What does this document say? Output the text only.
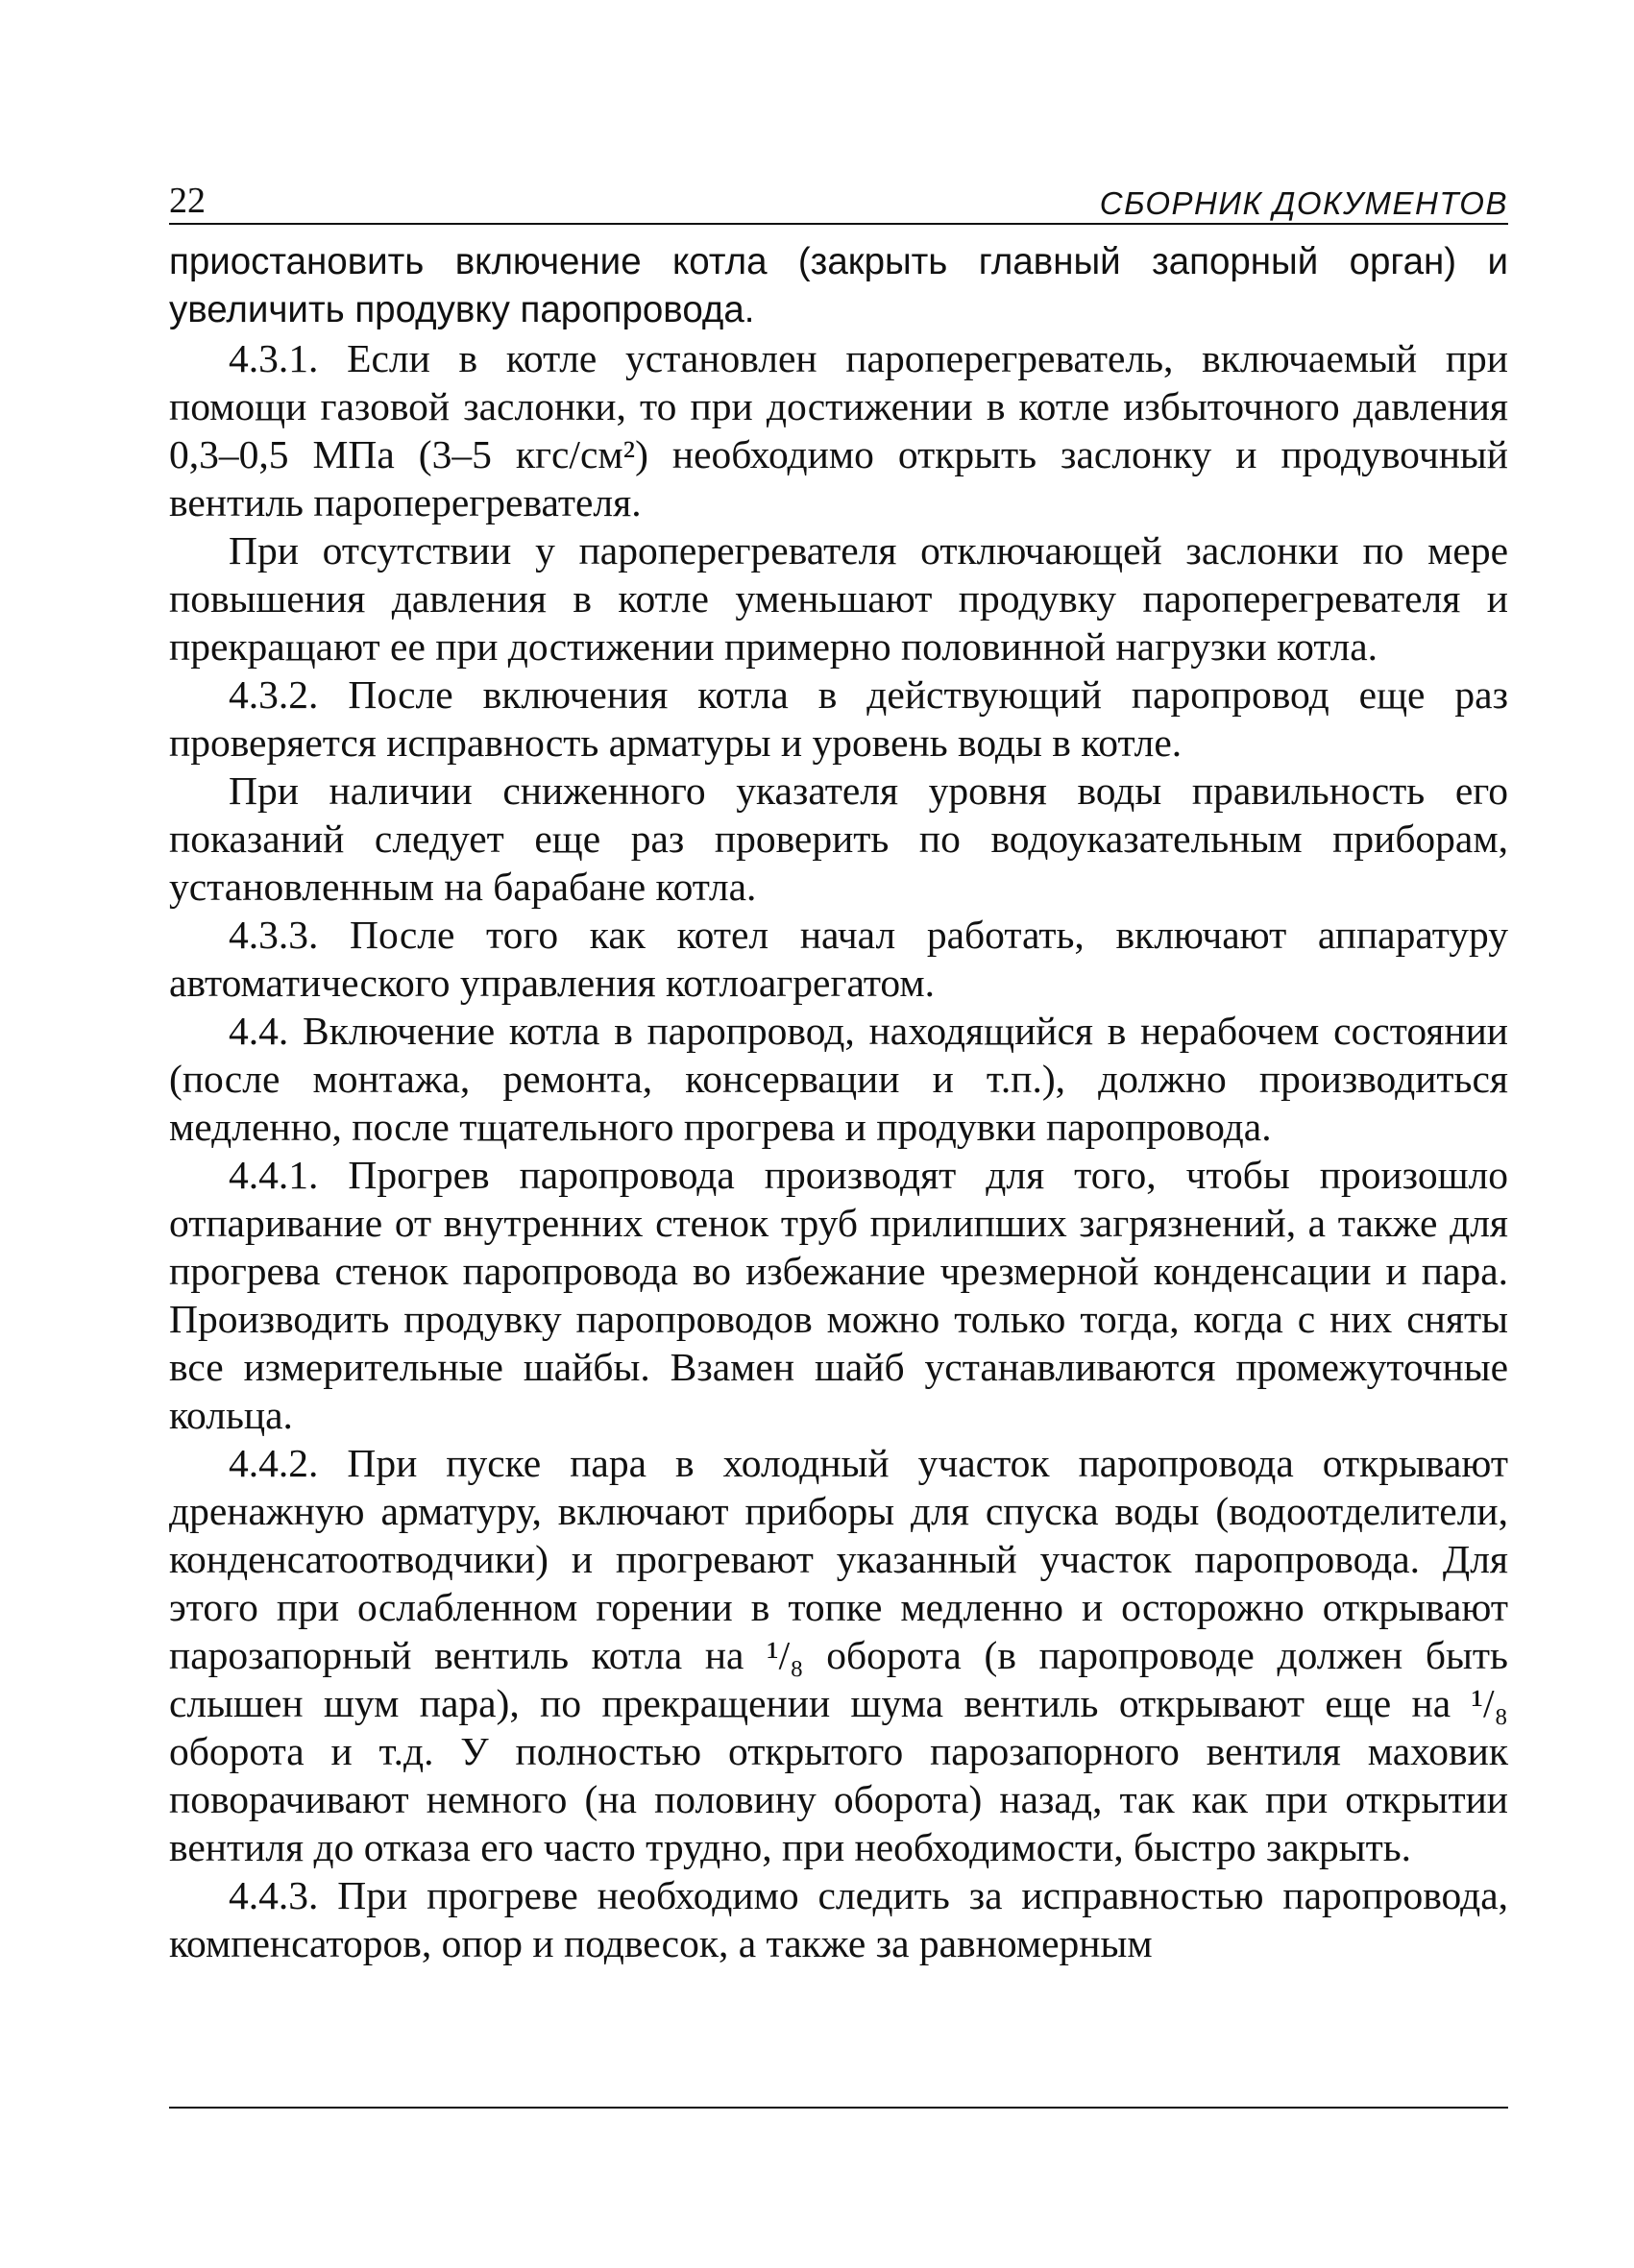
22	СБОРНИК ДОКУМЕНТОВ

приостановить включение котла (закрыть главный запорный орган) и увеличить продувку паропровода.

4.3.1. Если в котле установлен пароперегреватель, включаемый при помощи газовой заслонки, то при достижении в котле избыточного давления 0,3–0,5 МПа (3–5 кгс/см²) необходимо открыть заслонку и продувочный вентиль пароперегревателя.

При отсутствии у пароперегревателя отключающей заслонки по мере повышения давления в котле уменьшают продувку пароперегревателя и прекращают ее при достижении примерно половинной нагрузки котла.

4.3.2. После включения котла в действующий паропровод еще раз проверяется исправность арматуры и уровень воды в котле.

При наличии сниженного указателя уровня воды правильность его показаний следует еще раз проверить по водоуказательным приборам, установленным на барабане котла.

4.3.3. После того как котел начал работать, включают аппаратуру автоматического управления котлоагрегатом.

4.4. Включение котла в паропровод, находящийся в нерабочем состоянии (после монтажа, ремонта, консервации и т.п.), должно производиться медленно, после тщательного прогрева и продувки паропровода.

4.4.1. Прогрев паропровода производят для того, чтобы произошло отпаривание от внутренних стенок труб прилипших загрязнений, а также для прогрева стенок паропровода во избежание чрезмерной конденсации и пара. Производить продувку паропроводов можно только тогда, когда с них сняты все измерительные шайбы. Взамен шайб устанавливаются промежуточные кольца.

4.4.2. При пуске пара в холодный участок паропровода открывают дренажную арматуру, включают приборы для спуска воды (водоотделители, конденсатоотводчики) и прогревают указанный участок паропровода. Для этого при ослабленном горении в топке медленно и осторожно открывают парозапорный вентиль котла на ¹/₈ оборота (в паропроводе должен быть слышен шум пара), по прекращении шума вентиль открывают еще на ¹/₈ оборота и т.д. У полностью открытого парозапорного вентиля маховик поворачивают немного (на половину оборота) назад, так как при открытии вентиля до отказа его часто трудно, при необходимости, быстро закрыть.

4.4.3. При прогреве необходимо следить за исправностью паропровода, компенсаторов, опор и подвесок, а также за равномерным
